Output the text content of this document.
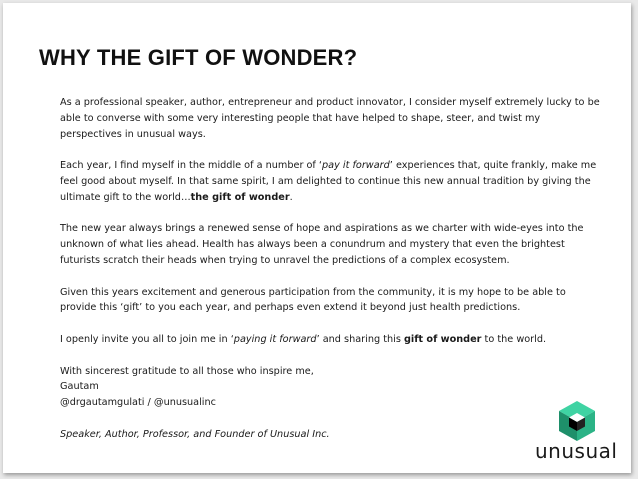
WHY THE GIFT OF WONDER?

As a professional speaker, author, entrepreneur and product innovator, I consider myself extremely lucky to be able to converse with some very interesting people that have helped to shape, steer, and twist my perspectives in unusual ways.

Each year, I find myself in the middle of a number of ‘pay it forward’ experiences that, quite frankly, make me feel good about myself. In that same spirit, I am delighted to continue this new annual tradition by giving the ultimate gift to the world…the gift of wonder.

The new year always brings a renewed sense of hope and aspirations as we charter with wide-eyes into the unknown of what lies ahead. Health has always been a conundrum and mystery that even the brightest futurists scratch their heads when trying to unravel the predictions of a complex ecosystem.

Given this years excitement and generous participation from the community, it is my hope to be able to provide this ‘gift’ to you each year, and perhaps even extend it beyond just health predictions.

I openly invite you all to join me in ‘paying it forward’ and sharing this gift of wonder to the world.

With sincerest gratitude to all those who inspire me,

Gautam

@drgautamgulati / @unusualinc

Speaker, Author, Professor, and Founder of Unusual Inc.

unusual
